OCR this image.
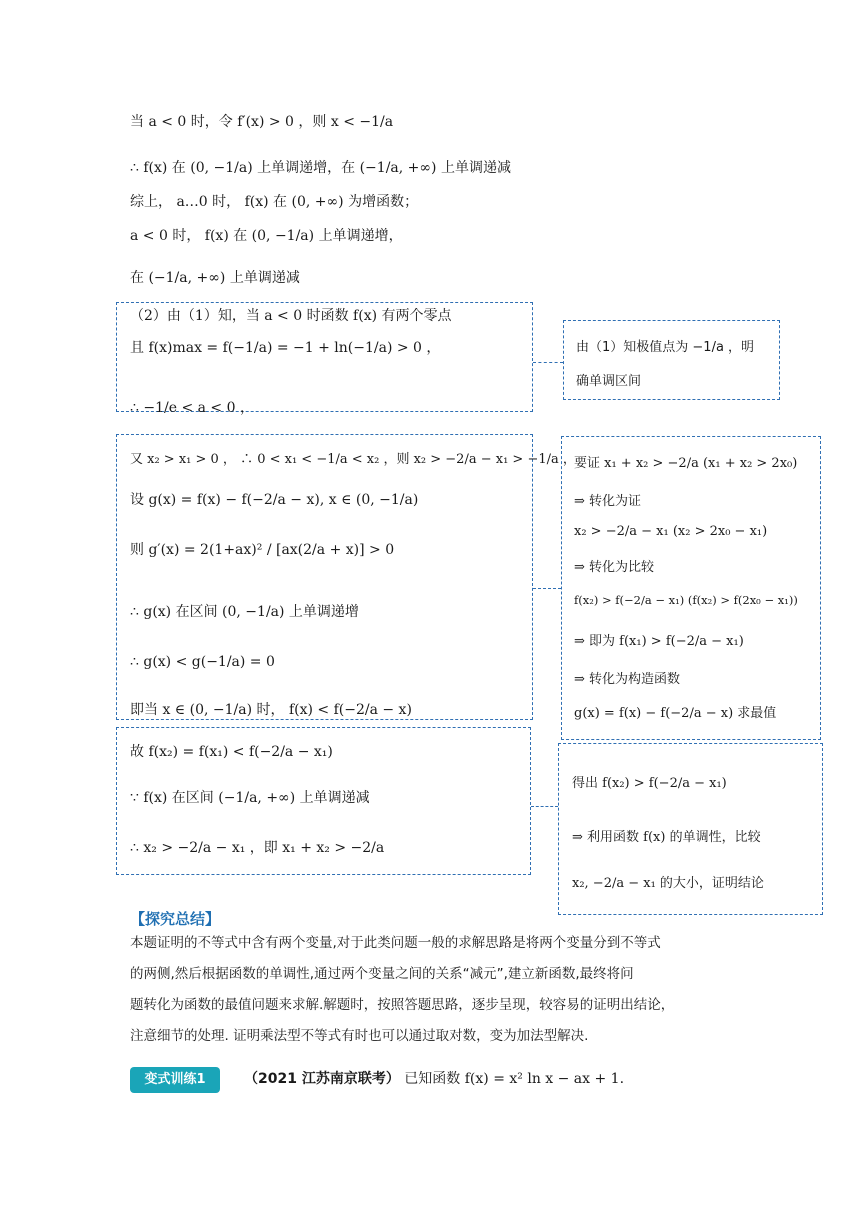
当 a < 0 时，令 f′(x) > 0 ，则 x < −1/a
∴ f(x) 在 (0, −1/a) 上单调递增，在 (−1/a, +∞) 上单调递减
综上， a…0 时， f(x) 在 (0, +∞) 为增函数；
a < 0 时， f(x) 在 (0, −1/a) 上单调递增，
在 (−1/a, +∞) 上单调递减
（2）由（1）知，当 a < 0 时函数 f(x) 有两个零点
且 f(x)max = f(−1/a) = −1 + ln(−1/a) > 0 ，
∴ −1/e < a < 0 ，
由（1）知极值点为 −1/a ，明
确单调区间
又 x₂ > x₁ > 0 ， ∴ 0 < x₁ < −1/a < x₂ ，则 x₂ > −2/a − x₁ > −1/a ，
设 g(x) = f(x) − f(−2/a − x), x ∈ (0, −1/a)
则 g′(x) = 2(1+ax)² / [ax(2/a + x)] > 0
∴ g(x) 在区间 (0, −1/a) 上单调递增
∴ g(x) < g(−1/a) = 0
即当 x ∈ (0, −1/a) 时， f(x) < f(−2/a − x)
要证 x₁ + x₂ > −2/a (x₁ + x₂ > 2x₀)
⇒ 转化为证
x₂ > −2/a − x₁ (x₂ > 2x₀ − x₁)
⇒ 转化为比较
f(x₂) > f(−2/a − x₁) (f(x₂) > f(2x₀ − x₁))
⇒ 即为 f(x₁) > f(−2/a − x₁)
⇒ 转化为构造函数
g(x) = f(x) − f(−2/a − x) 求最值
故 f(x₂) = f(x₁) < f(−2/a − x₁)
∵ f(x) 在区间 (−1/a, +∞) 上单调递减
∴ x₂ > −2/a − x₁ ，即 x₁ + x₂ > −2/a
得出 f(x₂) > f(−2/a − x₁)
⇒ 利用函数 f(x) 的单调性，比较
x₂, −2/a − x₁ 的大小，证明结论
【探究总结】
本题证明的不等式中含有两个变量,对于此类问题一般的求解思路是将两个变量分到不等式
的两侧,然后根据函数的单调性,通过两个变量之间的关系“减元”,建立新函数,最终将问
题转化为函数的最值问题来求解.解题时，按照答题思路，逐步呈现，较容易的证明出结论，
注意细节的处理. 证明乘法型不等式有时也可以通过取对数，变为加法型解决.
变式训练1	（2021 江苏南京联考） 已知函数 f(x) = x² ln x − ax + 1.
